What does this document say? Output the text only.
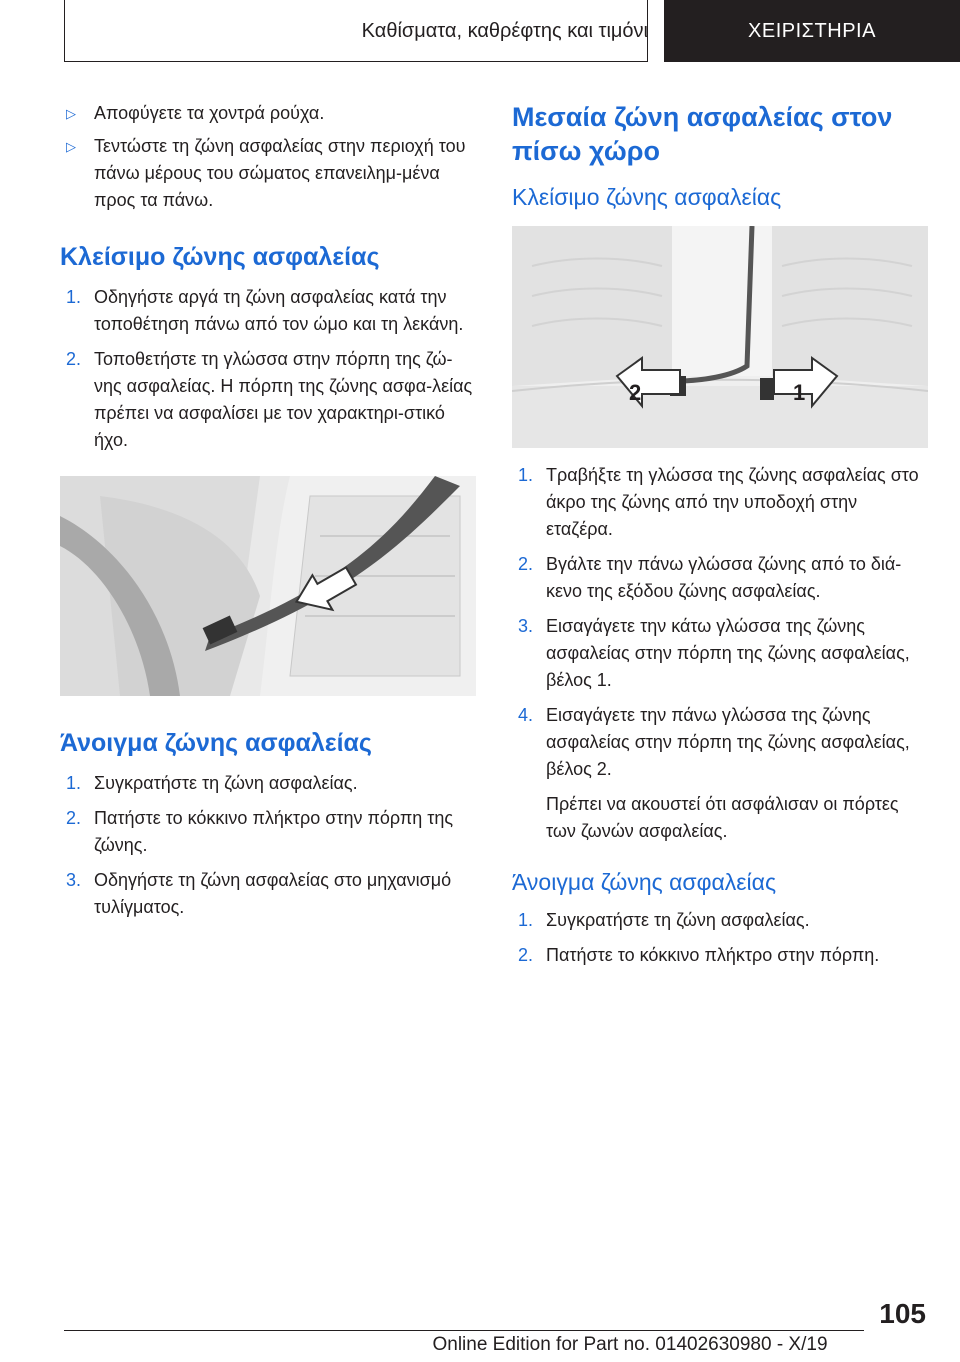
Καθίσματα, καθρέφτης και τιμόνι	ΧΕΙΡΙΣΤΗΡΙΑ
▷	Αποφύγετε τα χοντρά ρούχα.
▷	Τεντώστε τη ζώνη ασφαλείας στην περιοχή του πάνω μέρους του σώματος επανειλημ-μένα προς τα πάνω.
Κλείσιμο ζώνης ασφαλείας
1. Οδηγήστε αργά τη ζώνη ασφαλείας κατά την τοποθέτηση πάνω από τον ώμο και τη λεκάνη.
2. Τοποθετήστε τη γλώσσα στην πόρπη της ζώ-νης ασφαλείας. Η πόρπη της ζώνης ασφα-λείας πρέπει να ασφαλίσει με τον χαρακτηρι-στικό ήχο.
Άνοιγμα ζώνης ασφαλείας
1. Συγκρατήστε τη ζώνη ασφαλείας.
2. Πατήστε το κόκκινο πλήκτρο στην πόρπη της ζώνης.
3. Οδηγήστε τη ζώνη ασφαλείας στο μηχανισμό τυλίγματος.
Μεσαία ζώνη ασφαλείας στον πίσω χώρο
Κλείσιμο ζώνης ασφαλείας
2	1
1. Τραβήξτε τη γλώσσα της ζώνης ασφαλείας στο άκρο της ζώνης από την υποδοχή στην εταζέρα.
2. Βγάλτε την πάνω γλώσσα ζώνης από το διά-κενο της εξόδου ζώνης ασφαλείας.
3. Εισαγάγετε την κάτω γλώσσα της ζώνης ασφαλείας στην πόρπη της ζώνης ασφαλείας, βέλος 1.
4. Εισαγάγετε την πάνω γλώσσα της ζώνης ασφαλείας στην πόρπη της ζώνης ασφαλείας, βέλος 2.
Πρέπει να ακουστεί ότι ασφάλισαν οι πόρτες των ζωνών ασφαλείας.
Άνοιγμα ζώνης ασφαλείας
1. Συγκρατήστε τη ζώνη ασφαλείας.
2. Πατήστε το κόκκινο πλήκτρο στην πόρπη.
105
Online Edition for Part no. 01402630980 - X/19
